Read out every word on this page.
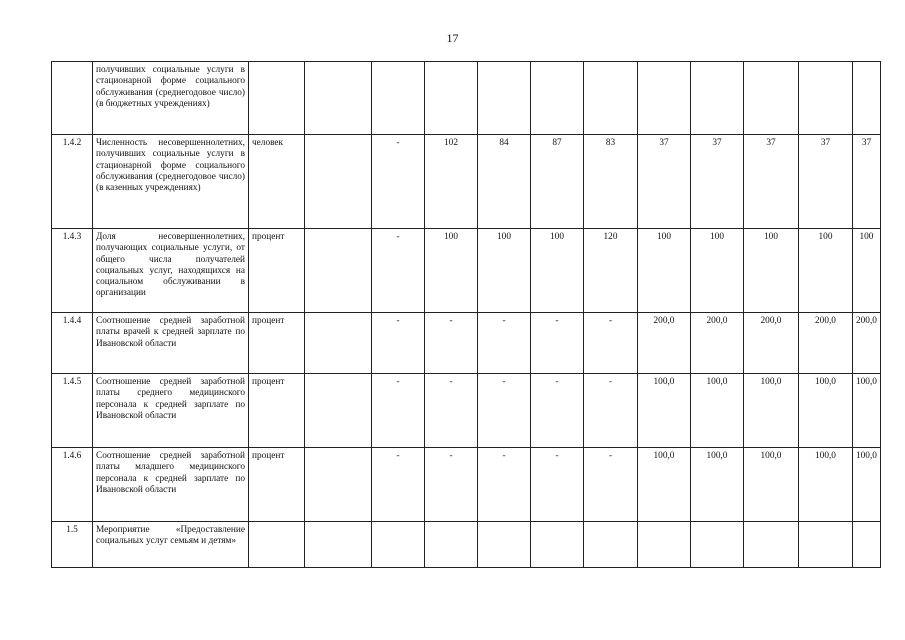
17
	получивших социальные услуги в стационарной форме социального обслуживания (среднегодовое число) (в бюджетных учреждениях)												
1.4.2	Численность несовершеннолетних, получивших социальные услуги в стационарной форме социального обслуживания (среднегодовое число) (в казенных учреждениях)	человек		-	102	84	87	83	37	37	37	37	37
1.4.3	Доля несовершеннолетних, получающих социальные услуги, от общего числа получателей социальных услуг, находящихся на социальном обслуживании в организации	процент		-	100	100	100	120	100	100	100	100	100
1.4.4	Соотношение средней заработной платы врачей к средней зарплате по Ивановской области	процент		-	-	-	-	-	200,0	200,0	200,0	200,0	200,0
1.4.5	Соотношение средней заработной платы среднего медицинского персонала к средней зарплате по Ивановской области	процент		-	-	-	-	-	100,0	100,0	100,0	100,0	100,0
1.4.6	Соотношение средней заработной платы младшего медицинского персонала к средней зарплате по Ивановской области	процент		-	-	-	-	-	100,0	100,0	100,0	100,0	100,0
1.5	Мероприятие «Предоставление социальных услуг семьям и детям»												
